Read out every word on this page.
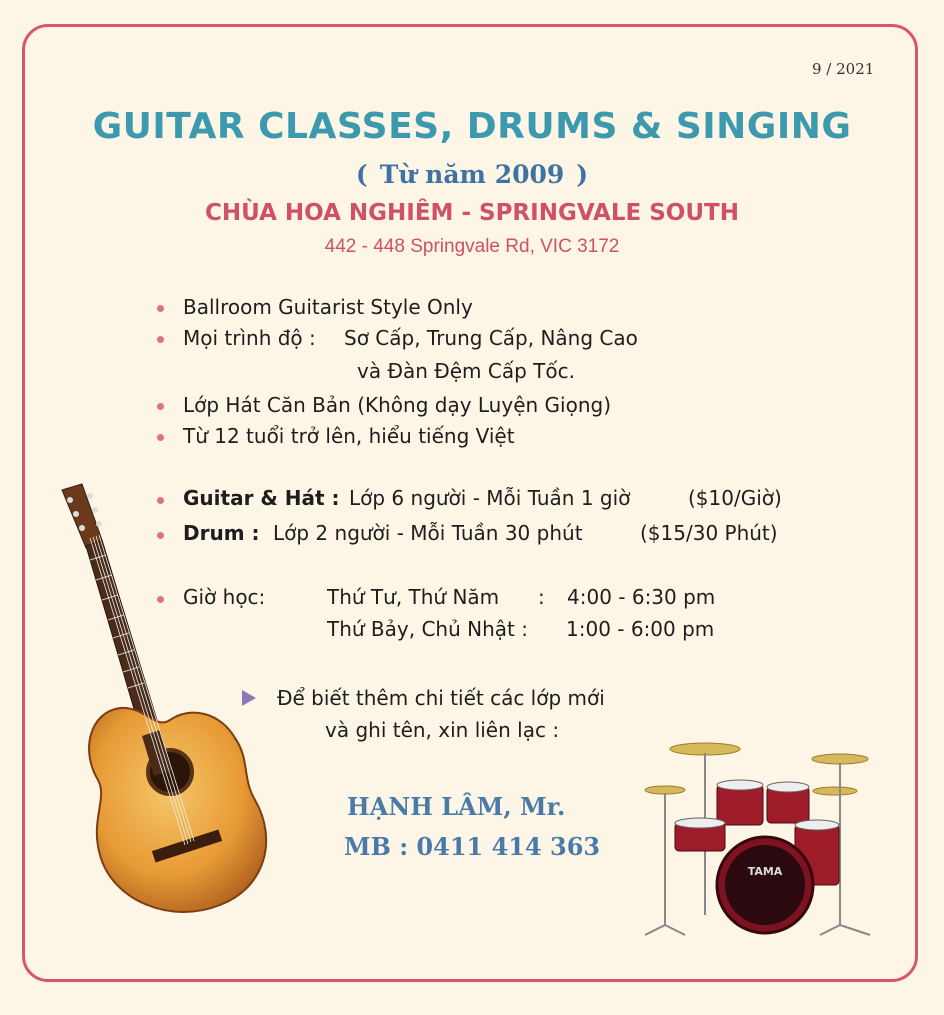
9 / 2021
GUITAR CLASSES, DRUMS & SINGING
( Từ năm 2009 )
CHÙA HOA NGHIÊM - SPRINGVALE SOUTH
442 - 448 Springvale Rd, VIC 3172
Ballroom Guitarist Style Only
Mọi trình độ : Sơ Cấp, Trung Cấp, Nâng Cao
và Đàn Đệm Cấp Tốc.
Lớp Hát Căn Bản (Không dạy Luyện Giọng)
Từ 12 tuổi trở lên, hiểu tiếng Việt
Guitar & Hát : Lớp 6 người - Mỗi Tuần 1 giờ	($10/Giờ)
Drum : Lớp 2 người - Mỗi Tuần 30 phút	($15/30 Phút)
Giờ học:	Thứ Tư, Thứ Năm : 4:00 - 6:30 pm
Thứ Bảy, Chủ Nhật : 1:00 - 6:00 pm
Để biết thêm chi tiết các lớp mới
và ghi tên, xin liên lạc :
HẠNH LÂM, Mr.
MB : 0411 414 363
TAMA
